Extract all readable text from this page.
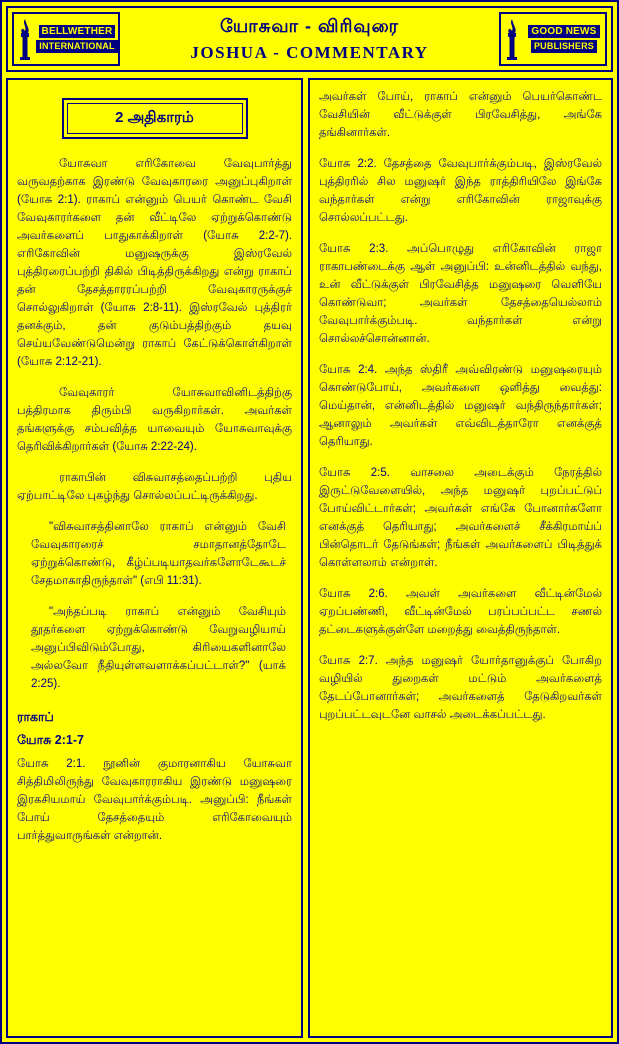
BELLWETHER
INTERNATIONAL
யோசுவா - விரிவுரை
JOSHUA - COMMENTARY
GOOD NEWS
PUBLISHERS
2 அதிகாரம்

யோசுவா எரிகோவை வேவுபார்த்து வருவதற்காக இரண்டு வேவுகாரரை அனுப்புகிறாள் (யோசு 2:1). ராகாப் என்னும் பெயர் கொண்ட வேசி வேவுகாரர்களை தன் வீட்டிலே ஏற்றுக்கொண்டு அவர்களைப் பாதுகாக்கிறாள் (யோசு 2:2-7). எரிகோவின் மனுஷருக்கு இஸ்ரவேல் புத்திரரைப்பற்றி திகில் பிடித்திருக்கிறது என்று ராகாப் தன் தேசத்தாரரப்பற்றி வேவுகாரருக்குச் சொல்லுகிறாள் (யோசு 2:8-11). இஸ்ரவேல் புத்திரர் தனக்கும், தன் குடும்பத்திற்கும் தயவு செய்யவேண்டுமென்று ராகாப் கேட்டுக்கொள்கிறாள் (யோசு 2:12-21).

வேவுகாரர் யோசுவாவினிடத்திற்கு பத்திரமாக திரும்பி வருகிறார்கள். அவர்கள் தங்களுக்கு சம்பவித்த யாவையும் யோசுவாவுக்கு தெரிவிக்கிறார்கள் (யோசு 2:22-24).

ராகாபின் விசுவாசத்தைப்பற்றி புதிய ஏற்பாட்டிலே புகழ்ந்து சொல்லப்பட்டிருக்கிறது.

"விசுவாசத்தினாலே ராகாப் என்னும் வேசி வேவுகாரரைச் சமாதானத்தோடே ஏற்றுக்கொண்டு, கீழ்ப்படியாதவர்களோடேகூடச் சேதமாகாதிருந்தாள்" (எபி 11:31).

"அந்தப்படி ராகாப் என்னும் வேசியும் தூதர்களை ஏற்றுக்கொண்டு வேறுவழியாய் அனுப்பிவிடும்போது, கிரியைகளினாலே அல்லவோ நீதியுள்ளவளாக்கப்பட்டாள்?" (யாக் 2:25).

ராகாப்
யோசு 2:1-7
யோசு 2:1. நூனின் குமாரனாகிய யோசுவா சித்திமிலிருந்து வேவுகாரராகிய இரண்டு மனுஷரை இரகசியமாய் வேவுபார்க்கும்படி. அனுப்பி: நீங்கள் போய் தேசத்தையும் எரிகோவையும் பார்த்துவாருங்கள் என்றான்.
அவர்கள் போய், ராகாப் என்னும் பெயர்கொண்ட வேசியின் வீட்டுக்குள் பிரவேசித்து, அங்கே தங்கினார்கள்.
யோசு 2:2. தேசத்தை வேவுபார்க்கும்படி, இஸ்ரவேல் புத்திரரில் சில மனுஷர் இந்த ராத்திரியிலே இங்கே வந்தார்கள் என்று எரிகோவின் ராஜாவுக்கு சொல்லப்பட்டது.
யோசு 2:3. அப்பொழுது எரிகோவின் ராஜா ராகாபண்டைக்கு ஆள் அனுப்பி: உன்னிடத்தில் வந்து, உன் வீட்டுக்குள் பிரவேசித்த மனுஷரை வெளியே கொண்டுவா; அவர்கள் தேசத்தையெல்லாம் வேவுபார்க்கும்படி. வந்தார்கள் என்று சொல்லச்சொன்னான்.
யோசு 2:4. அந்த ஸ்திரீ அவ்விரண்டு மனுஷரையும் கொண்டுபோய், அவர்களை ஒளித்து வைத்து: மெய்தான், என்னிடத்தில் மனுஷர் வந்திருந்தார்கள்; ஆனாலும் அவர்கள் எவ்விடத்தாரோ எனக்குத் தெரியாது.
யோசு 2:5. வாசலை அடைக்கும் நேரத்தில் இருட்டுவேளையில், அந்த மனுஷர் புறப்பட்டுப் போய்விட்டார்கள்; அவர்கள் எங்கே போனார்களோ எனக்குத் தெரியாது; அவர்களைச் சீக்கிரமாய்ப் பின்தொடர் தேடுங்கள்; நீங்கள் அவர்களைப் பிடித்துக் கொள்ளலாம் என்றாள்.
யோசு 2:6. அவள் அவர்களை வீட்டின்மேல் ஏறப்பண்ணி, வீட்டின்மேல் பரப்பப்பட்ட சணல் தட்டைகளுக்குள்ளே மறைத்து வைத்திருந்தாள்.
யோசு 2:7. அந்த மனுஷர் யோர்தானுக்குப் போகிற வழியில் துறைகள் மட்டும் அவர்களைத் தேடப்போனார்கள்; அவர்களைத் தேடுகிறவர்கள் புறப்பட்டவுடனே வாசல் அடைக்கப்பட்டது.
